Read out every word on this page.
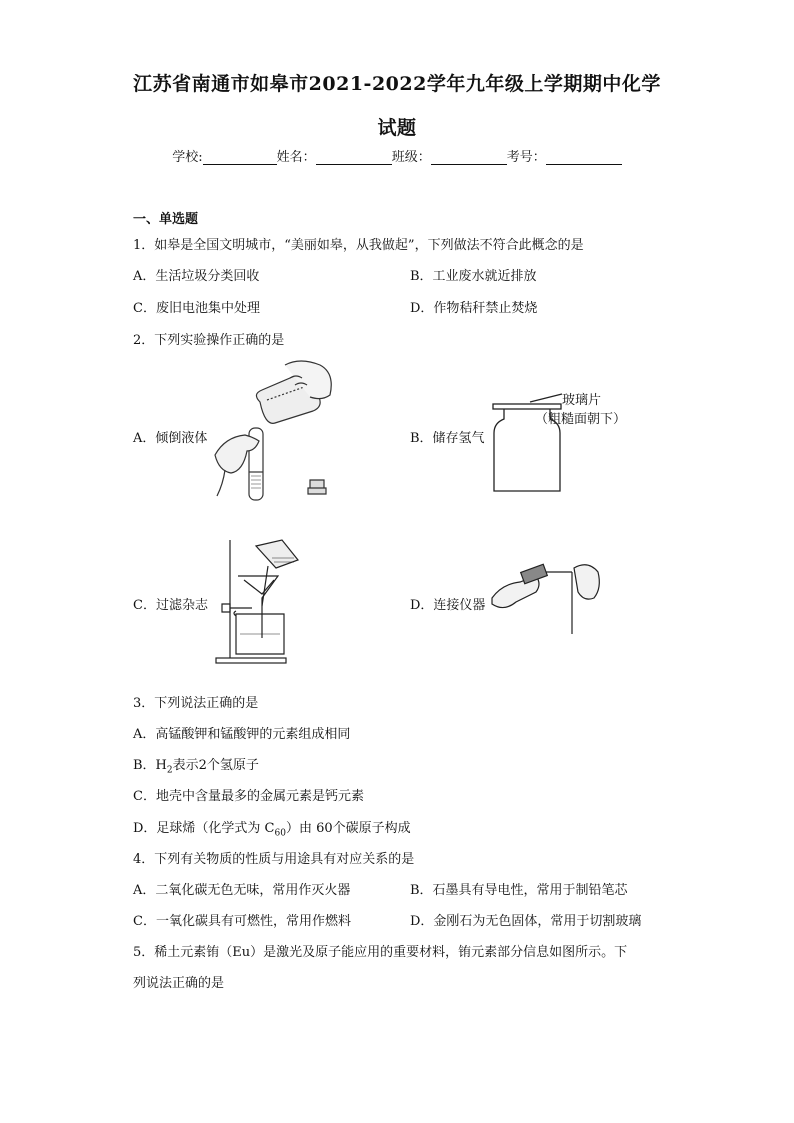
江苏省南通市如皋市2021-2022学年九年级上学期期中化学
试题
学校:	姓名：	班级：	考号：
一、单选题
1．如皋是全国文明城市，“美丽如皋，从我做起”，下列做法不符合此概念的是
A．生活垃圾分类回收	B．工业废水就近排放
C．废旧电池集中处理	D．作物秸秆禁止焚烧
2．下列实验操作正确的是
A．倾倒液体	B．储存氢气
玻璃片
（粗糙面朝下）
C．过滤杂志	D．连接仪器
3．下列说法正确的是
A．高锰酸钾和锰酸钾的元素组成相同
B．$H_2$表示2个氢原子
C．地壳中含量最多的金属元素是钙元素
D．足球烯（化学式为 $C_{60}$）由 60个碳原子构成
4．下列有关物质的性质与用途具有对应关系的是
A．二氧化碳无色无味，常用作灭火器	B．石墨具有导电性，常用于制铅笔芯
C．一氧化碳具有可燃性，常用作燃料	D．金刚石为无色固体，常用于切割玻璃
5．稀土元素铕（Eu）是激光及原子能应用的重要材料，铕元素部分信息如图所示。下
列说法正确的是
